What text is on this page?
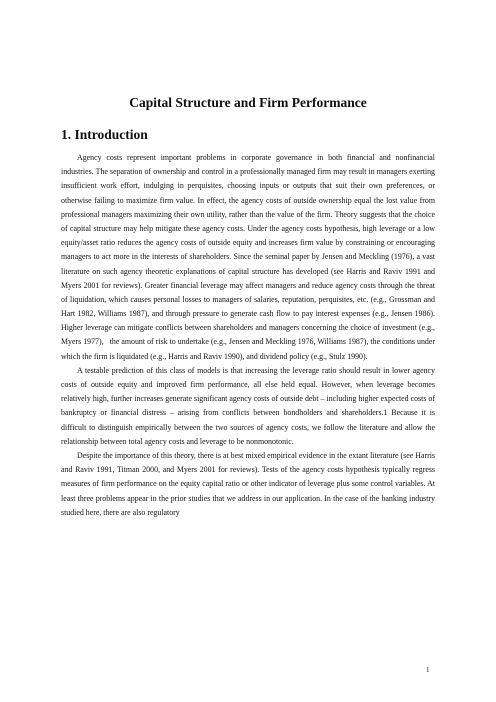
Capital Structure and Firm Performance
1. Introduction

Agency costs represent important problems in corporate governance in both financial and nonfinancial industries. The separation of ownership and control in a professionally managed firm may result in managers exerting insufficient work effort, indulging in perquisites, choosing inputs or outputs that suit their own preferences, or otherwise failing to maximize firm value. In effect, the agency costs of outside ownership equal the lost value from professional managers maximizing their own utility, rather than the value of the firm. Theory suggests that the choice of capital structure may help mitigate these agency costs. Under the agency costs hypothesis, high leverage or a low equity/asset ratio reduces the agency costs of outside equity and increases firm value by constraining or encouraging managers to act more in the interests of shareholders. Since the seminal paper by Jensen and Meckling (1976), a vast literature on such agency theoretic explanations of capital structure has developed (see Harris and Raviv 1991 and Myers 2001 for reviews). Greater financial leverage may affect managers and reduce agency costs through the threat of liquidation, which causes personal losses to managers of salaries, reputation, perquisites, etc. (e.g., Grossman and Hart 1982, Williams 1987), and through pressure to generate cash flow to pay interest expenses (e.g., Jensen 1986). Higher leverage can mitigate conflicts between shareholders and managers concerning the choice of investment (e.g., Myers 1977),   the amount of risk to undertake (e.g., Jensen and Meckling 1976, Williams 1987), the conditions under which the firm is liquidated (e.g., Harris and Raviv 1990), and dividend policy (e.g., Stulz 1990).

A testable prediction of this class of models is that increasing the leverage ratio should result in lower agency costs of outside equity and improved firm performance, all else held equal. However, when leverage becomes relatively high, further increases generate significant agency costs of outside debt – including higher expected costs of bankruptcy or financial distress – arising from conflicts between bondholders and shareholders.1 Because it is difficult to distinguish empirically between the two sources of agency costs, we follow the literature and allow the relationship between total agency costs and leverage to be nonmonotonic.

Despite the importance of this theory, there is at best mixed empirical evidence in the extant literature (see Harris and Raviv 1991, Titman 2000, and Myers 2001 for reviews). Tests of the agency costs hypothesis typically regress measures of firm performance on the equity capital ratio or other indicator of leverage plus some control variables. At least three problems appear in the prior studies that we address in our application. In the case of the banking industry studied here, there are also regulatory

1
